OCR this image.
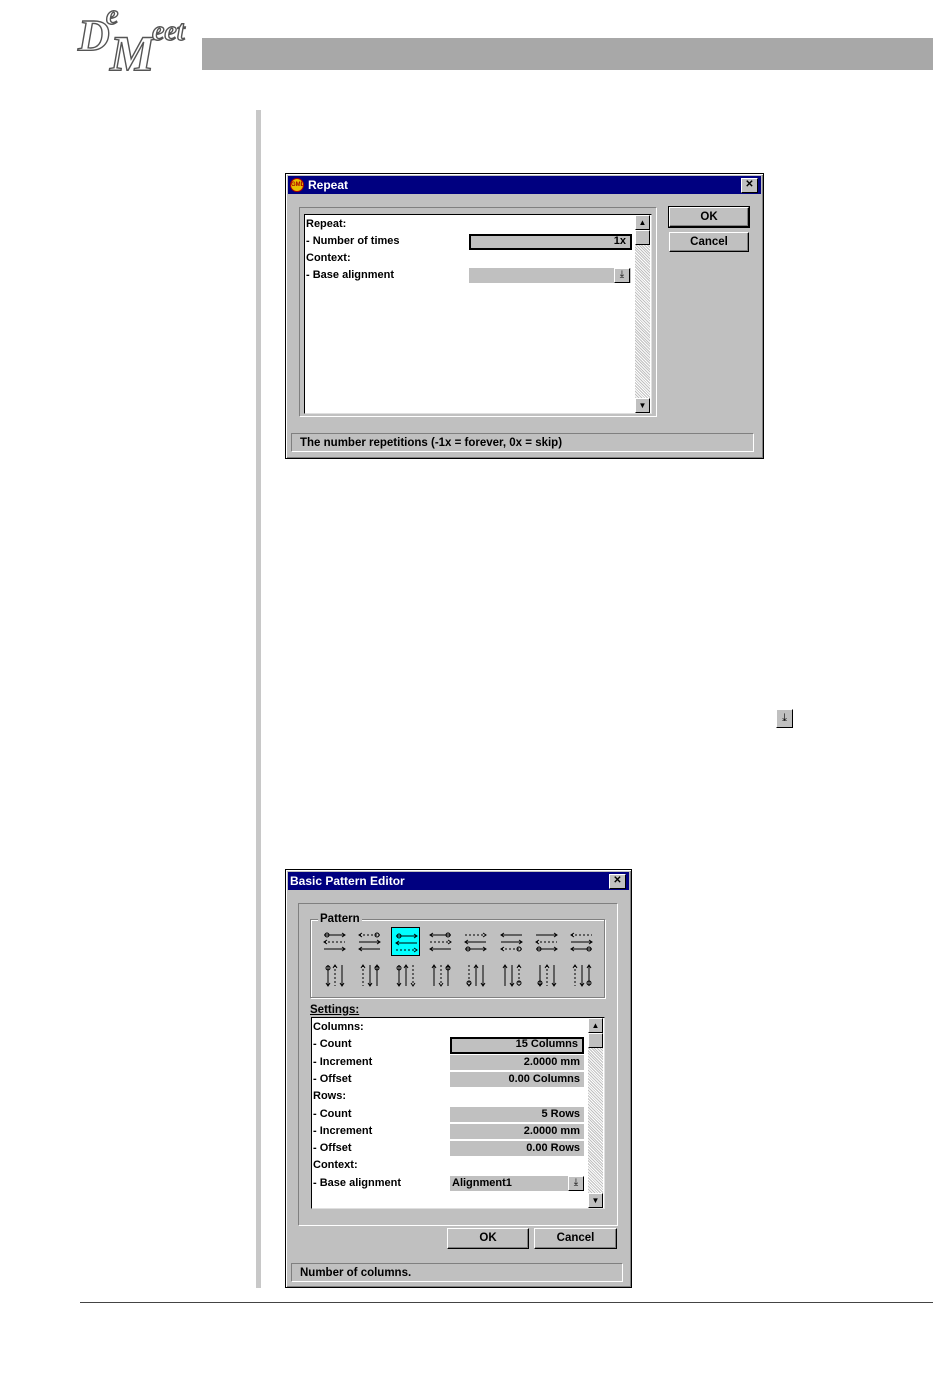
D
e
M
eet
GML Repeat	✕
Repeat:
- Number of times	1x
Context:
- Base alignment	⤓
▲
▼
OK
Cancel
The number repetitions (-1x = forever, 0x = skip)
⤓
Basic Pattern Editor	✕
Pattern
Settings:
▲
▼
Columns:
- Count	15 Columns
- Increment	2.0000 mm
- Offset	0.00 Columns
Rows:
- Count	5 Rows
- Increment	2.0000 mm
- Offset	0.00 Rows
Context:
- Base alignment	Alignment1	⤓
OK	Cancel
Number of columns.
